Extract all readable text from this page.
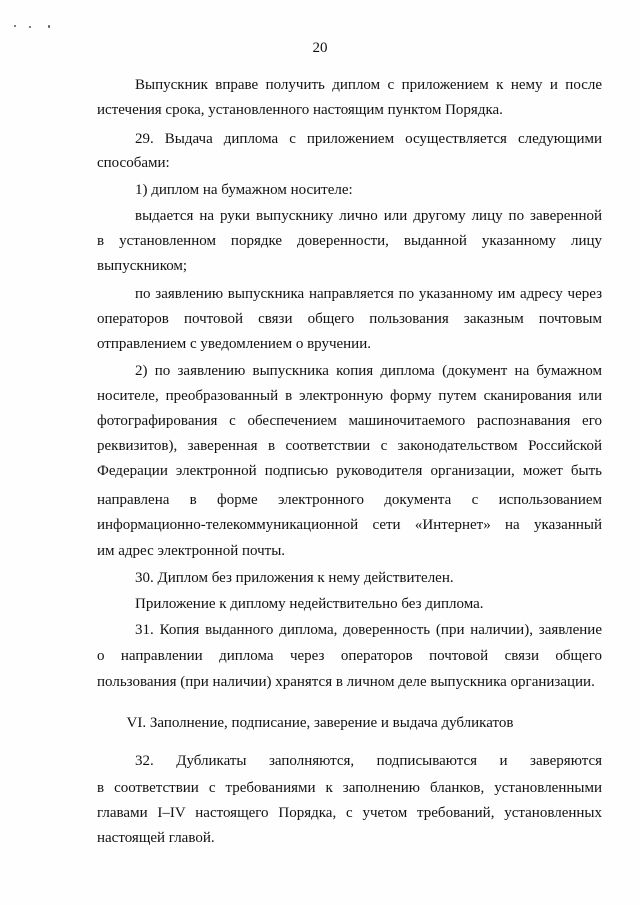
20
Выпускник вправе получить диплом с приложением к нему и после
истечения срока, установленного настоящим пунктом Порядка.
29. Выдача диплома с приложением осуществляется следующими
способами:
1) диплом на бумажном носителе:
выдается на руки выпускнику лично или другому лицу по заверенной
в установленном порядке доверенности, выданной указанному лицу
выпускником;
по заявлению выпускника направляется по указанному им адресу через
операторов почтовой связи общего пользования заказным почтовым
отправлением с уведомлением о вручении.
2) по заявлению выпускника копия диплома (документ на бумажном
носителе, преобразованный в электронную форму путем сканирования или
фотографирования с обеспечением машиночитаемого распознавания его
реквизитов), заверенная в соответствии с законодательством Российской
Федерации электронной подписью руководителя организации, может быть
направлена в форме электронного документа с использованием
информационно-телекоммуникационной сети «Интернет» на указанный
им адрес электронной почты.
30. Диплом без приложения к нему действителен.
Приложение к диплому недействительно без диплома.
31. Копия выданного диплома, доверенность (при наличии), заявление
о направлении диплома через операторов почтовой связи общего
пользования (при наличии) хранятся в личном деле выпускника организации.
VI. Заполнение, подписание, заверение и выдача дубликатов
32. Дубликаты заполняются, подписываются и заверяются
в соответствии с требованиями к заполнению бланков, установленными
главами I–IV настоящего Порядка, с учетом требований, установленных
настоящей главой.
